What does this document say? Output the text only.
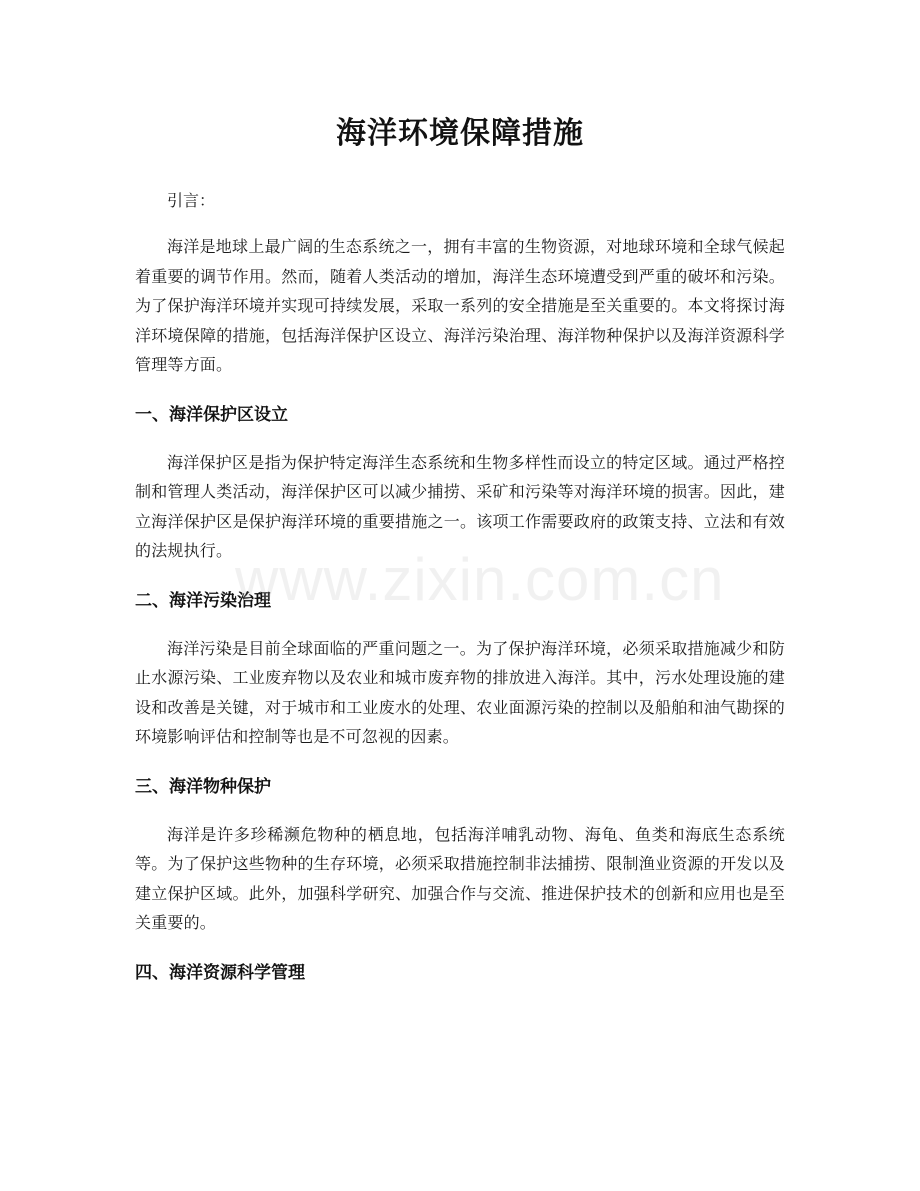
海洋环境保障措施

引言：

海洋是地球上最广阔的生态系统之一，拥有丰富的生物资源，对地球环境和全球气候起着重要的调节作用。然而，随着人类活动的增加，海洋生态环境遭受到严重的破坏和污染。为了保护海洋环境并实现可持续发展，采取一系列的安全措施是至关重要的。本文将探讨海洋环境保障的措施，包括海洋保护区设立、海洋污染治理、海洋物种保护以及海洋资源科学管理等方面。

一、海洋保护区设立

海洋保护区是指为保护特定海洋生态系统和生物多样性而设立的特定区域。通过严格控制和管理人类活动，海洋保护区可以减少捕捞、采矿和污染等对海洋环境的损害。因此，建立海洋保护区是保护海洋环境的重要措施之一。该项工作需要政府的政策支持、立法和有效的法规执行。

二、海洋污染治理

海洋污染是目前全球面临的严重问题之一。为了保护海洋环境，必须采取措施减少和防止水源污染、工业废弃物以及农业和城市废弃物的排放进入海洋。其中，污水处理设施的建设和改善是关键，对于城市和工业废水的处理、农业面源污染的控制以及船舶和油气勘探的环境影响评估和控制等也是不可忽视的因素。

三、海洋物种保护

海洋是许多珍稀濒危物种的栖息地，包括海洋哺乳动物、海龟、鱼类和海底生态系统等。为了保护这些物种的生存环境，必须采取措施控制非法捕捞、限制渔业资源的开发以及建立保护区域。此外，加强科学研究、加强合作与交流、推进保护技术的创新和应用也是至关重要的。

四、海洋资源科学管理
www.zixin.com.cn
